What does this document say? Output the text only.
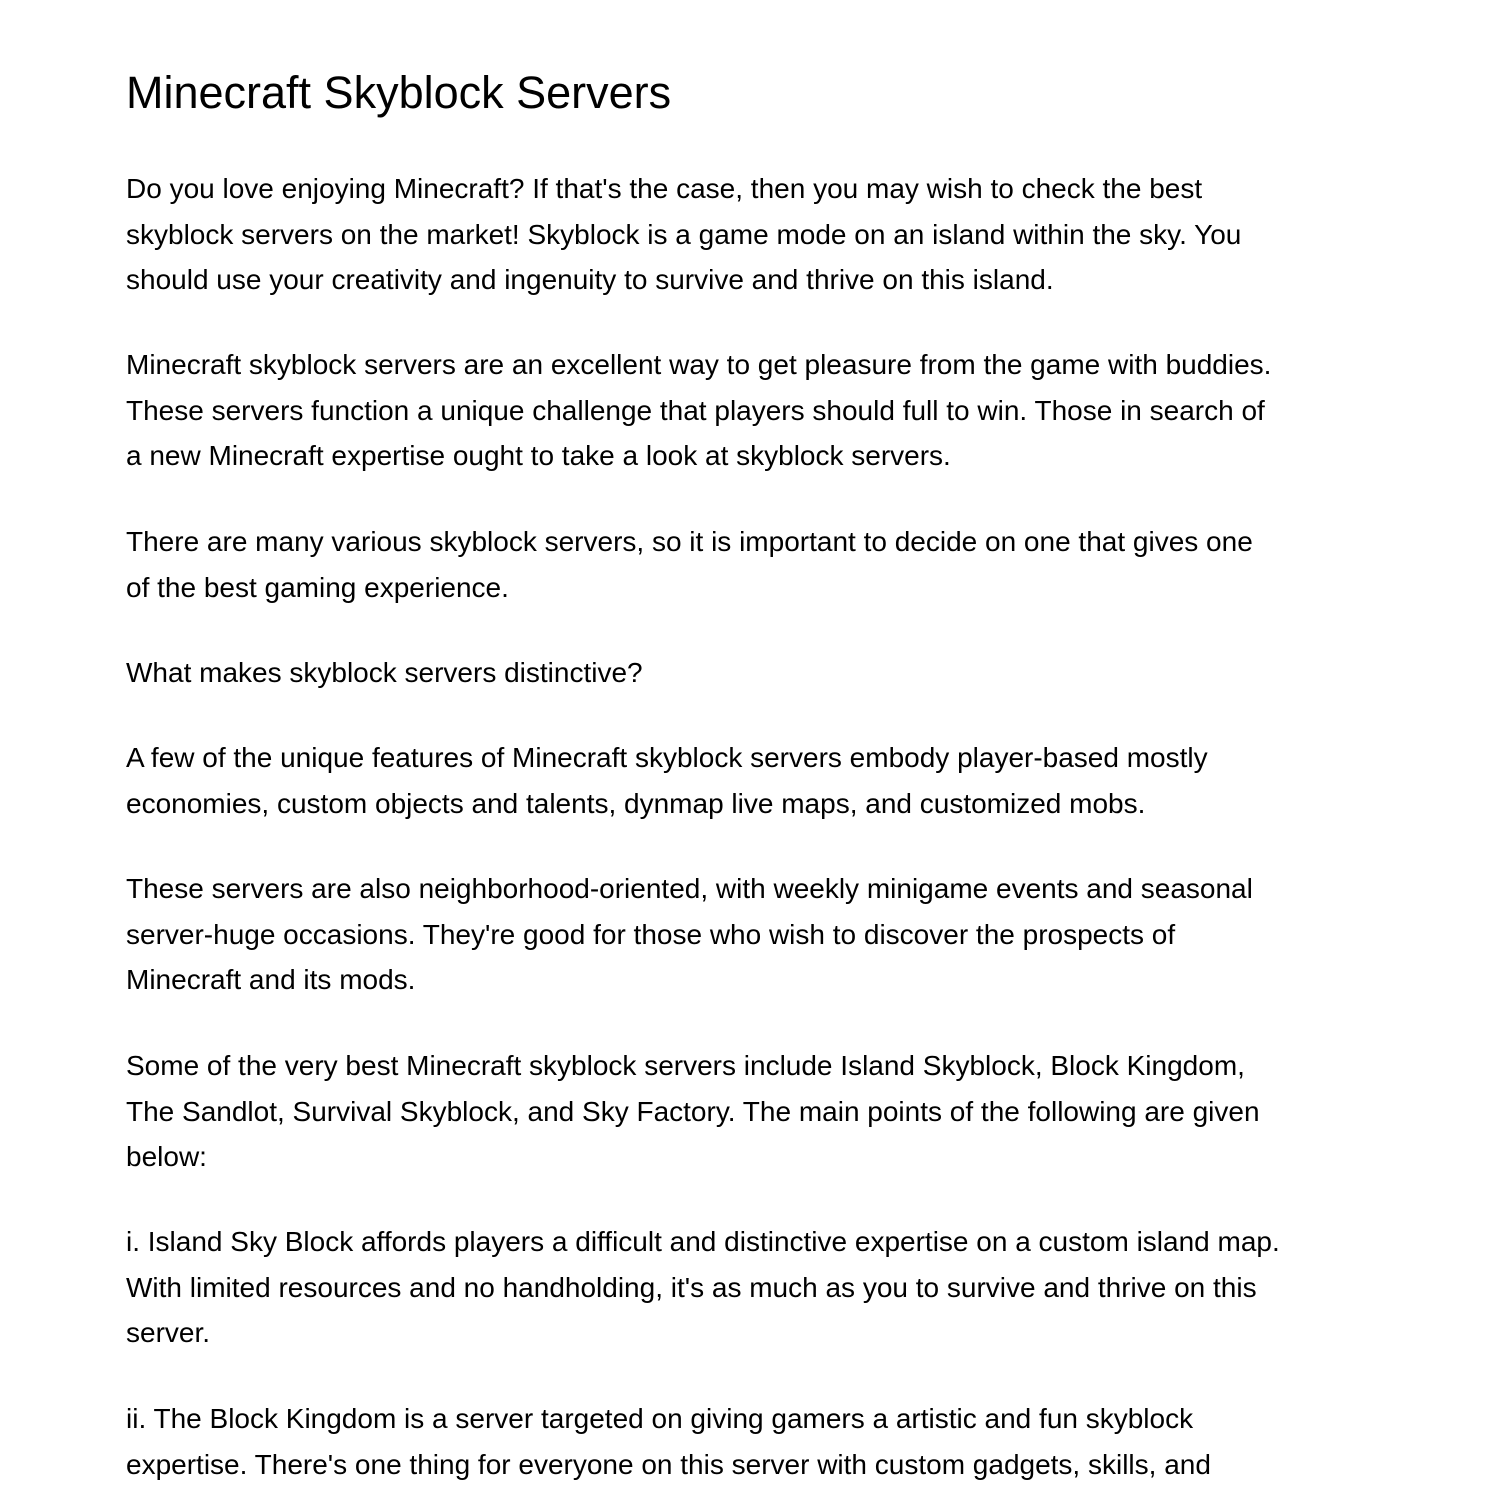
Minecraft Skyblock Servers

Do you love enjoying Minecraft? If that's the case, then you may wish to check the best
skyblock servers on the market! Skyblock is a game mode on an island within the sky. You
should use your creativity and ingenuity to survive and thrive on this island.

Minecraft skyblock servers are an excellent way to get pleasure from the game with buddies.
These servers function a unique challenge that players should full to win. Those in search of
a new Minecraft expertise ought to take a look at skyblock servers.

There are many various skyblock servers, so it is important to decide on one that gives one
of the best gaming experience.

What makes skyblock servers distinctive?

A few of the unique features of Minecraft skyblock servers embody player-based mostly
economies, custom objects and talents, dynmap live maps, and customized mobs.

These servers are also neighborhood-oriented, with weekly minigame events and seasonal
server-huge occasions. They're good for those who wish to discover the prospects of
Minecraft and its mods.

Some of the very best Minecraft skyblock servers include Island Skyblock, Block Kingdom,
The Sandlot, Survival Skyblock, and Sky Factory. The main points of the following are given
below:

i. Island Sky Block affords players a difficult and distinctive expertise on a custom island map.
With limited resources and no handholding, it's as much as you to survive and thrive on this
server.

ii. The Block Kingdom is a server targeted on giving gamers a artistic and fun skyblock
expertise. There's one thing for everyone on this server with custom gadgets, skills, and
